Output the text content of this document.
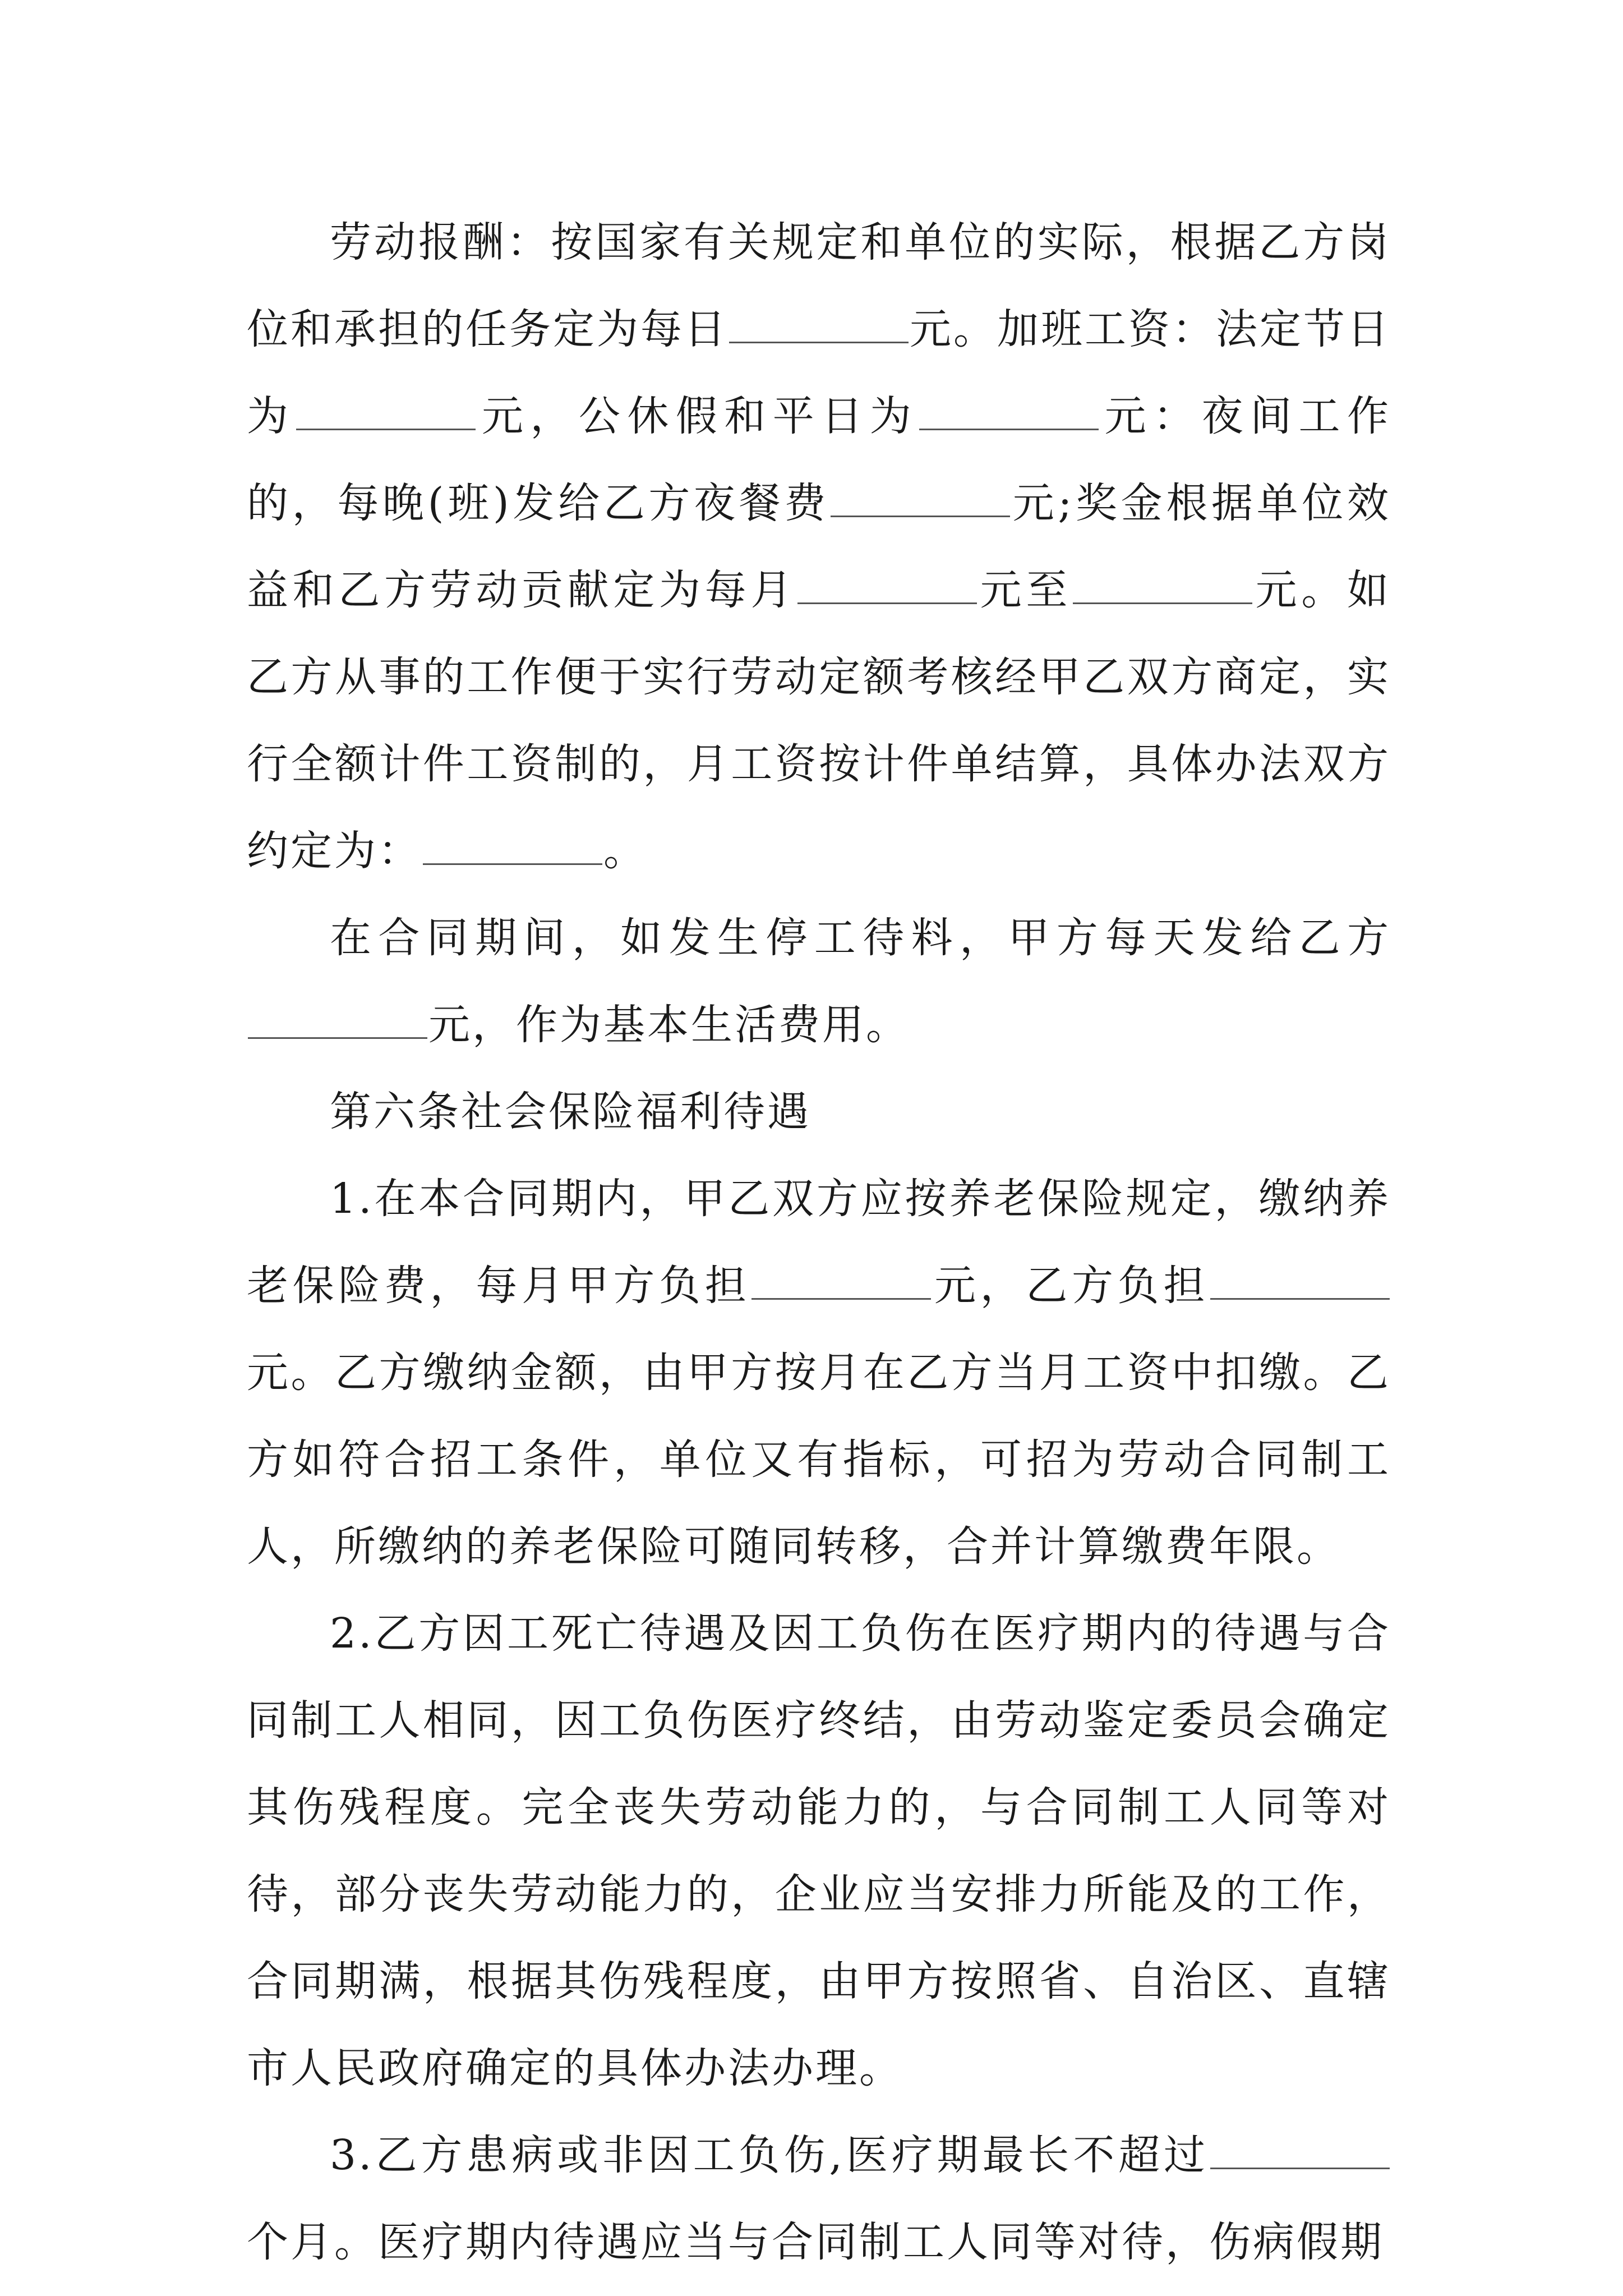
劳动报酬：按国家有关规定和单位的实际，根据乙方岗位和承担的任务定为每日	元。加班工资：法定节日为	元，公休假和平日为	元：夜间工作的，每晚(班)发给乙方夜餐费	元;奖金根据单位效益和乙方劳动贡献定为每月	元至	元。如乙方从事的工作便于实行劳动定额考核经甲乙双方商定，实行全额计件工资制的，月工资按计件单结算，具体办法双方约定为：	。

在合同期间，如发生停工待料，甲方每天发给乙方元，作为基本生活费用。

第六条社会保险福利待遇

1.在本合同期内，甲乙双方应按养老保险规定，缴纳养老保险费，每月甲方负担	元，乙方负担元。乙方缴纳金额，由甲方按月在乙方当月工资中扣缴。乙方如符合招工条件，单位又有指标，可招为劳动合同制工人，所缴纳的养老保险可随同转移，合并计算缴费年限。

2.乙方因工死亡待遇及因工负伤在医疗期内的待遇与合同制工人相同，因工负伤医疗终结，由劳动鉴定委员会确定其伤残程度。完全丧失劳动能力的，与合同制工人同等对待，部分丧失劳动能力的，企业应当安排力所能及的工作，合同期满，根据其伤残程度，由甲方按照省、自治区、直辖市人民政府确定的具体办法办理。

3.乙方患病或非因工负伤,医疗期最长不超过个月。医疗期内待遇应当与合同制工人同等对待，伤病假期
